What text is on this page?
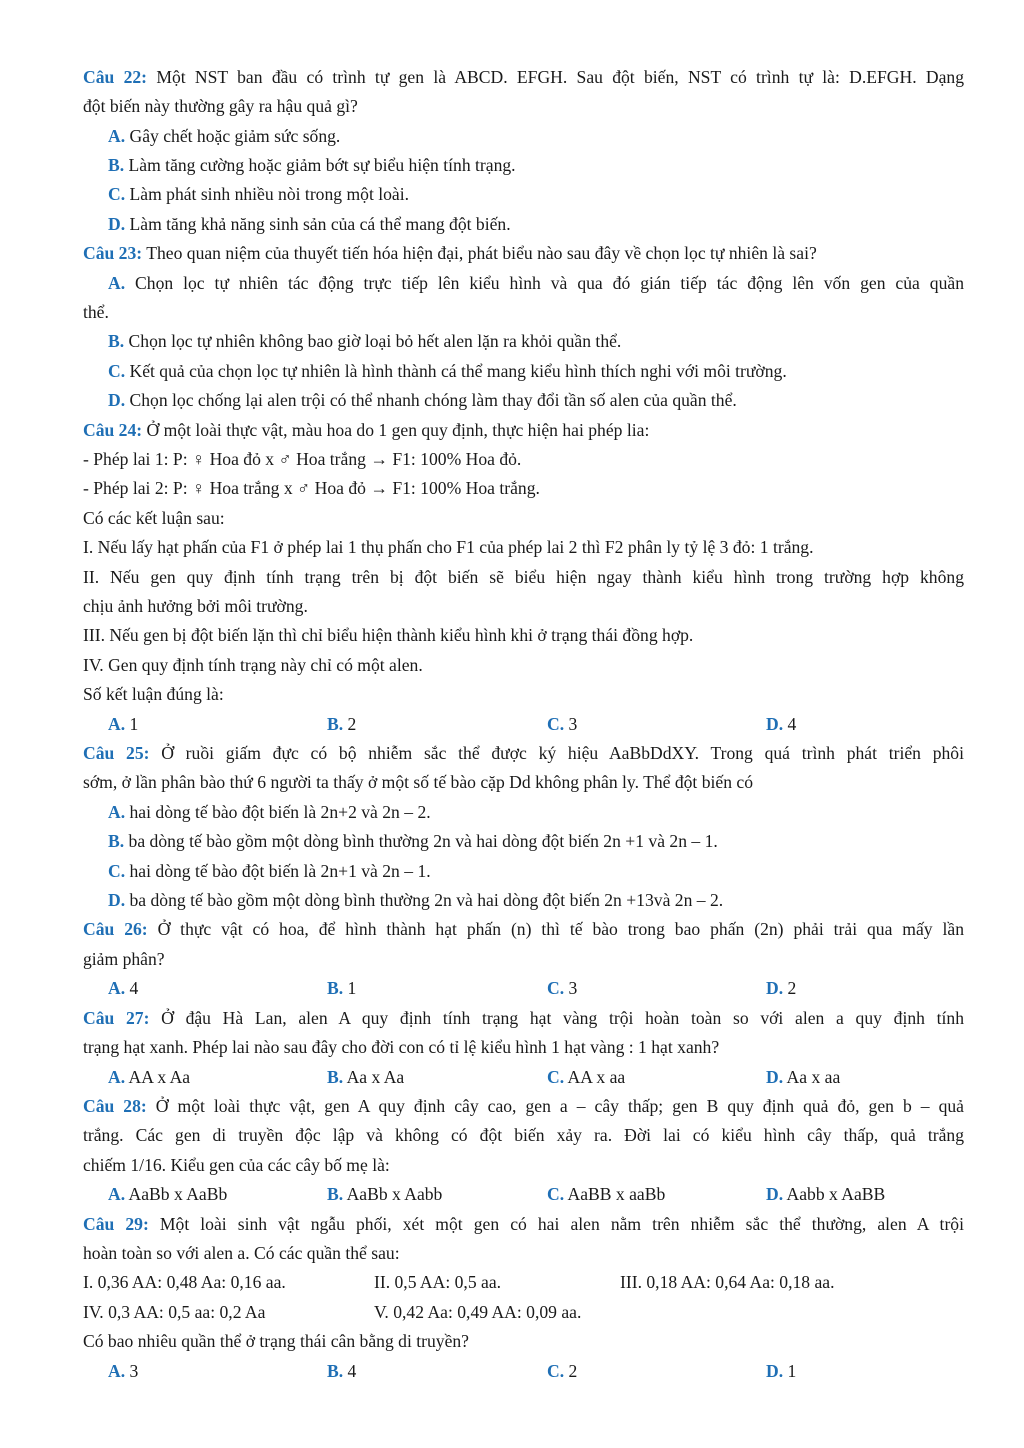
Câu 22: Một NST ban đầu có trình tự gen là ABCD. EFGH. Sau đột biến, NST có trình tự là: D.EFGH. Dạng
đột biến này thường gây ra hậu quả gì?
A. Gây chết hoặc giảm sức sống.
B. Làm tăng cường hoặc giảm bớt sự biểu hiện tính trạng.
C. Làm phát sinh nhiều nòi trong một loài.
D. Làm tăng khả năng sinh sản của cá thể mang đột biến.
Câu 23: Theo quan niệm của thuyết tiến hóa hiện đại, phát biểu nào sau đây về chọn lọc tự nhiên là sai?
A. Chọn lọc tự nhiên tác động trực tiếp lên kiểu hình và qua đó gián tiếp tác động lên vốn gen của quần
thể.
B. Chọn lọc tự nhiên không bao giờ loại bỏ hết alen lặn ra khỏi quần thể.
C. Kết quả của chọn lọc tự nhiên là hình thành cá thể mang kiểu hình thích nghi với môi trường.
D. Chọn lọc chống lại alen trội có thể nhanh chóng làm thay đổi tần số alen của quần thể.
Câu 24: Ở một loài thực vật, màu hoa do 1 gen quy định, thực hiện hai phép lia:
- Phép lai 1: P: ♀ Hoa đỏ x ♂ Hoa trắng → F1: 100% Hoa đỏ.
- Phép lai 2: P: ♀ Hoa trắng x ♂ Hoa đỏ → F1: 100% Hoa trắng.
Có các kết luận sau:
I. Nếu lấy hạt phấn của F1 ở phép lai 1 thụ phấn cho F1 của phép lai 2 thì F2 phân ly tỷ lệ 3 đỏ: 1 trắng.
II. Nếu gen quy định tính trạng trên bị đột biến sẽ biểu hiện ngay thành kiểu hình trong trường hợp không
chịu ảnh hưởng bởi môi trường.
III. Nếu gen bị đột biến lặn thì chỉ biểu hiện thành kiểu hình khi ở trạng thái đồng hợp.
IV. Gen quy định tính trạng này chỉ có một alen.
Số kết luận đúng là:
A. 1	B. 2	C. 3	D. 4
Câu 25: Ở ruồi giấm đực có bộ nhiễm sắc thể được ký hiệu AaBbDdXY. Trong quá trình phát triển phôi
sớm, ở lần phân bào thứ 6 người ta thấy ở một số tế bào cặp Dd không phân ly. Thể đột biến có
A. hai dòng tế bào đột biến là 2n+2 và 2n – 2.
B. ba dòng tế bào gồm một dòng bình thường 2n và hai dòng đột biến 2n +1 và 2n – 1.
C. hai dòng tế bào đột biến là 2n+1 và 2n – 1.
D. ba dòng tế bào gồm một dòng bình thường 2n và hai dòng đột biến 2n +13và 2n – 2.
Câu 26: Ở thực vật có hoa, để hình thành hạt phấn (n) thì tế bào trong bao phấn (2n) phải trải qua mấy lần
giảm phân?
A. 4	B. 1	C. 3	D. 2
Câu 27: Ở đậu Hà Lan, alen A quy định tính trạng hạt vàng trội hoàn toàn so với alen a quy định tính
trạng hạt xanh. Phép lai nào sau đây cho đời con có tỉ lệ kiểu hình 1 hạt vàng : 1 hạt xanh?
A. AA x Aa	B. Aa x Aa	C. AA x aa	D. Aa x aa
Câu 28: Ở một loài thực vật, gen A quy định cây cao, gen a – cây thấp; gen B quy định quả đỏ, gen b – quả
trắng. Các gen di truyền độc lập và không có đột biến xảy ra. Đời lai có kiểu hình cây thấp, quả trắng
chiếm 1/16. Kiểu gen của các cây bố mẹ là:
A. AaBb x AaBb	B. AaBb x Aabb	C. AaBB x aaBb	D. Aabb x AaBB
Câu 29: Một loài sinh vật ngẫu phối, xét một gen có hai alen nằm trên nhiễm sắc thể thường, alen A trội
hoàn toàn so với alen a. Có các quần thể sau:
I. 0,36 AA: 0,48 Aa: 0,16 aa.	II. 0,5 AA: 0,5 aa.	III. 0,18 AA: 0,64 Aa: 0,18 aa.
IV. 0,3 AA: 0,5 aa: 0,2 Aa	V. 0,42 Aa: 0,49 AA: 0,09 aa.
Có bao nhiêu quần thể ở trạng thái cân bằng di truyền?
A. 3	B. 4	C. 2	D. 1
